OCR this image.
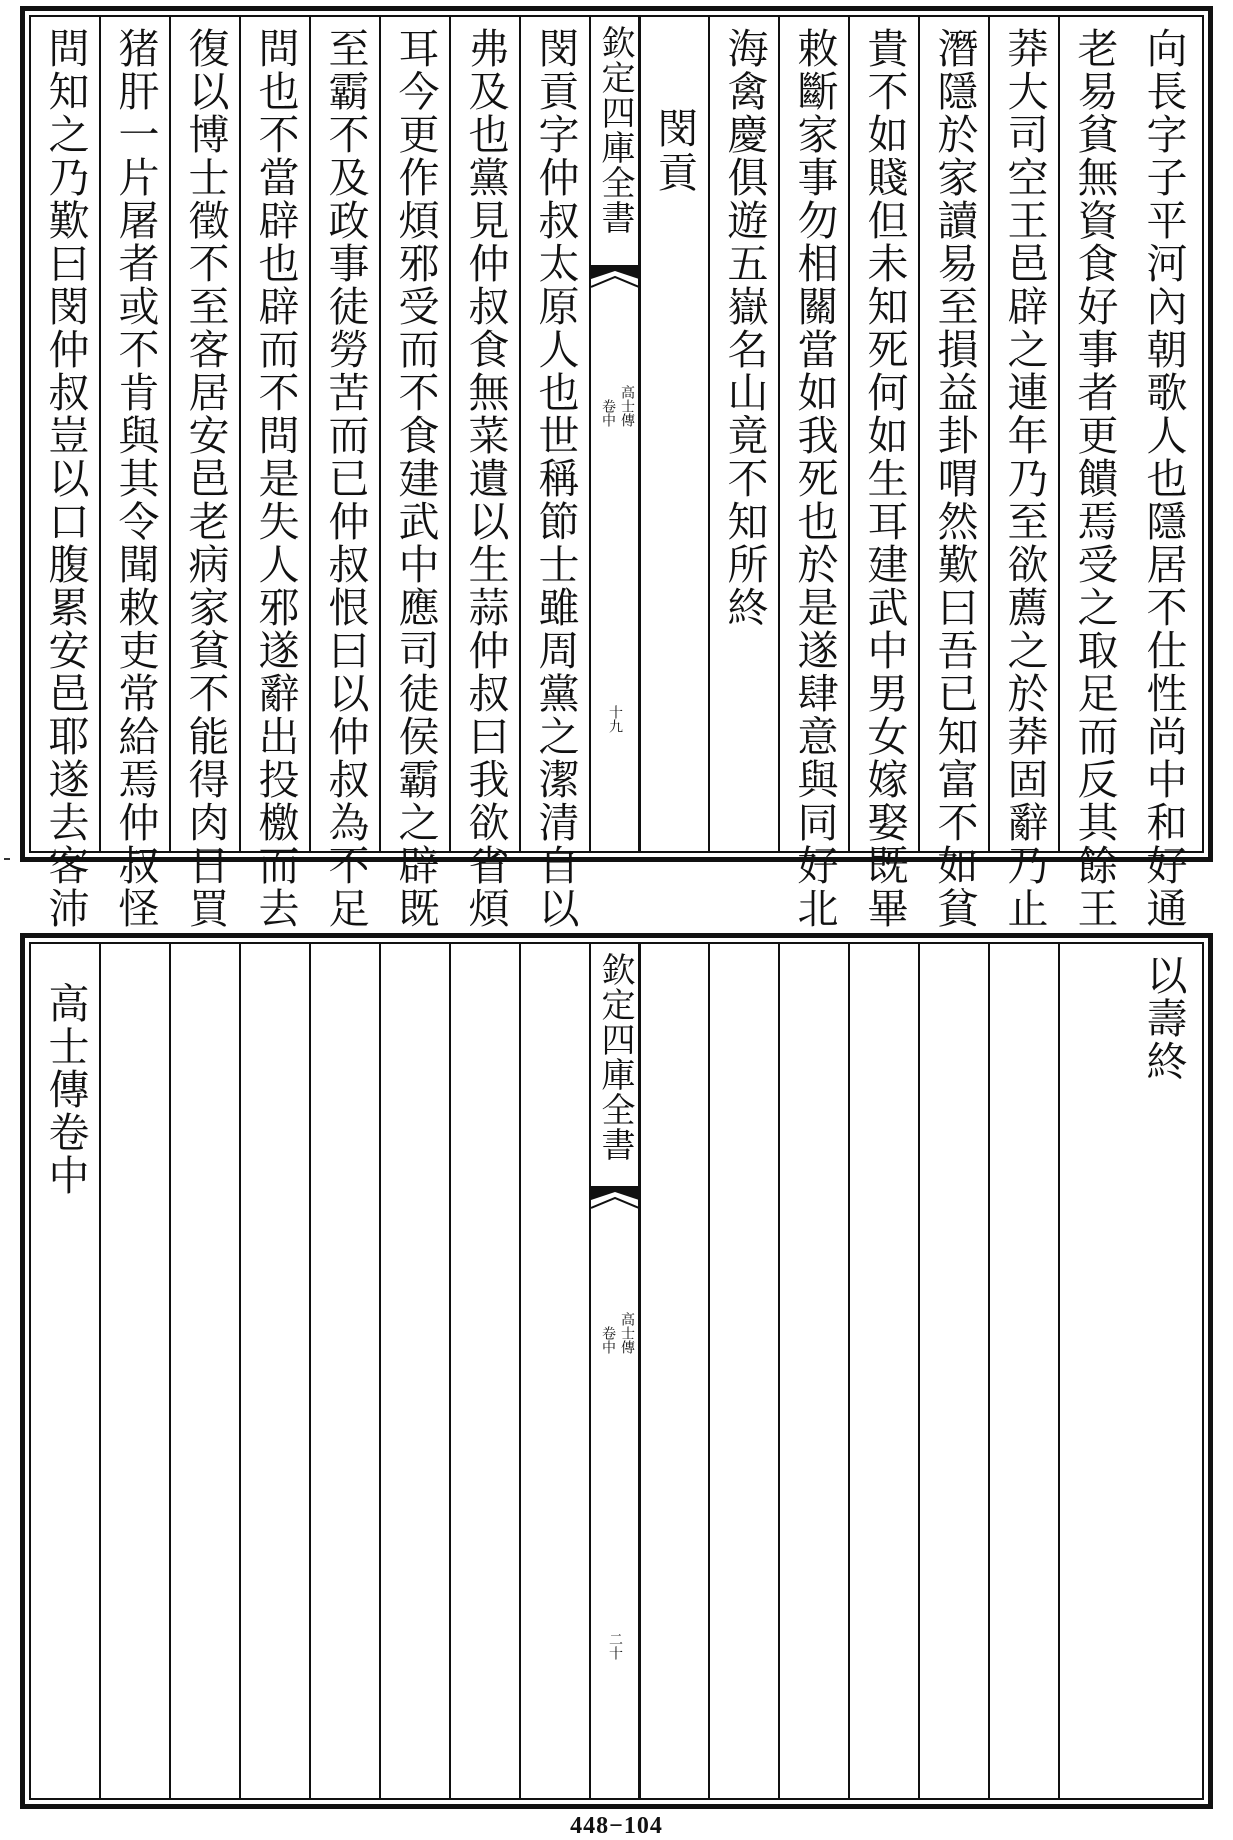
向長字子平河內朝歌人也隱居不仕性尚中和好通
老易貧無資食好事者更饋焉受之取足而反其餘王
莽大司空王邑辟之連年乃至欲薦之於莽固辭乃止
潛隱於家讀易至損益卦喟然歎曰吾已知富不如貧
貴不如賤但未知死何如生耳建武中男女嫁娶既畢
敕斷家事勿相關當如我死也於是遂肆意與同好北
海禽慶俱遊五嶽名山竟不知所終
閔貢
欽定四庫全書
高士傳
卷中
十九
閔貢字仲叔太原人也世稱節士雖周黨之潔清自以
弗及也黨見仲叔食無菜遺以生蒜仲叔曰我欲省煩
耳今更作煩邪受而不食建武中應司徒侯霸之辟既
至霸不及政事徒勞苦而已仲叔恨曰以仲叔為不足
問也不當辟也辟而不問是失人邪遂辭出投檄而去
復以博士徵不至客居安邑老病家貧不能得肉日買
猪肝一片屠者或不肯與其令聞敕吏常給焉仲叔怪
問知之乃歎曰閔仲叔豈以口腹累安邑耶遂去客沛
以壽終
欽定四庫全書
高士傳
卷中
二十
高士傳卷中
448−104
